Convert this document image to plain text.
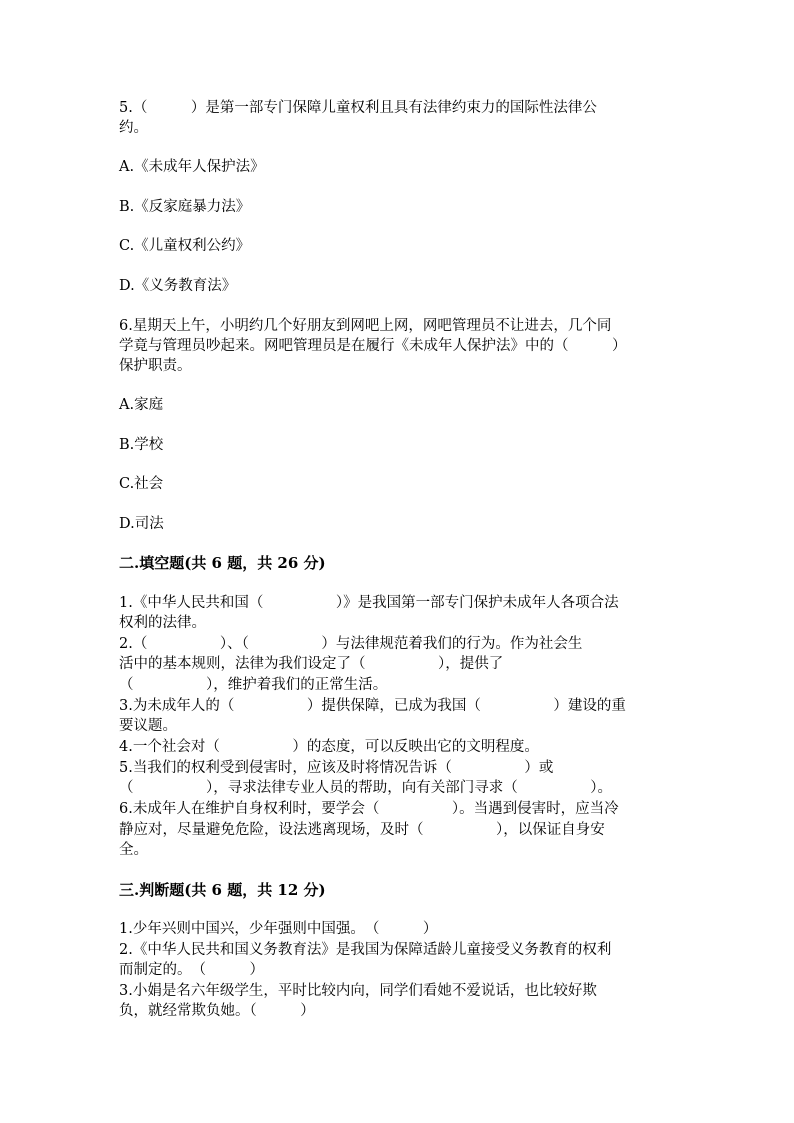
5.（　　　）是第一部专门保障儿童权利且具有法律约束力的国际性法律公
约。
A.《未成年人保护法》
B.《反家庭暴力法》
C.《儿童权利公约》
D.《义务教育法》
6.星期天上午，小明约几个好朋友到网吧上网，网吧管理员不让进去，几个同
学竟与管理员吵起来。网吧管理员是在履行《未成年人保护法》中的（　　　）
保护职责。
A.家庭
B.学校
C.社会
D.司法
二.填空题(共 6 题，共 26 分)
1.《中华人民共和国（　　　　　）》是我国第一部专门保护未成年人各项合法
权利的法律。
2.（　　　　　）、（　　　　　）与法律规范着我们的行为。作为社会生
活中的基本规则，法律为我们设定了（　　　　　），提供了
（　　　　　），维护着我们的正常生活。
3.为未成年人的（　　　　　）提供保障，已成为我国（　　　　　）建设的重
要议题。
4.一个社会对（　　　　　）的态度，可以反映出它的文明程度。
5.当我们的权利受到侵害时，应该及时将情况告诉（　　　　　）或
（　　　　　），寻求法律专业人员的帮助，向有关部门寻求（　　　　　）。
6.未成年人在维护自身权利时，要学会（　　　　　）。当遇到侵害时，应当冷
静应对，尽量避免危险，设法逃离现场，及时（　　　　　），以保证自身安
全。
三.判断题(共 6 题，共 12 分)
1.少年兴则中国兴，少年强则中国强。　（　　　）
2.《中华人民共和国义务教育法》是我国为保障适龄儿童接受义务教育的权利
而制定的。　（　　　）
3.小娟是名六年级学生，平时比较内向，同学们看她不爱说话，也比较好欺
负，就经常欺负她。（　　　）
